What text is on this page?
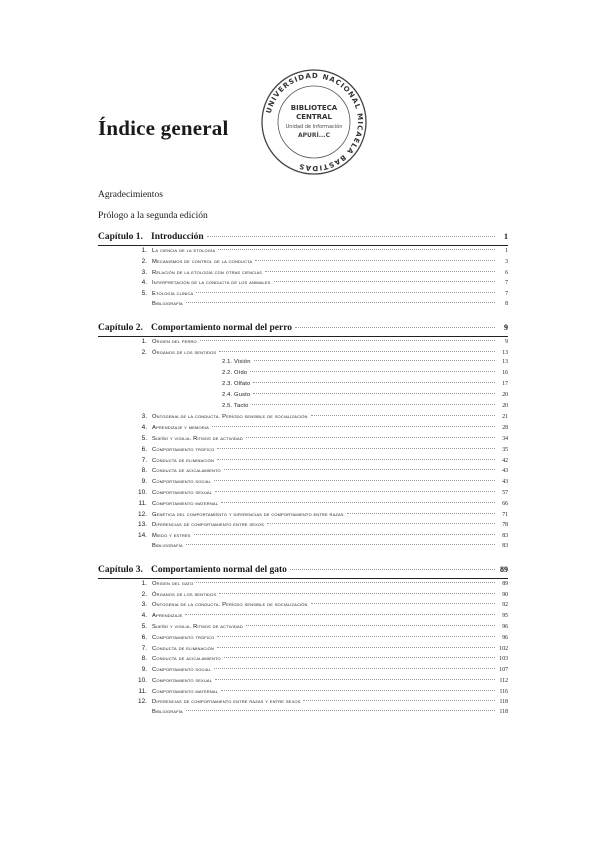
Índice general
UNIVERSIDAD NACIONAL MICAELA BASTIDAS
BIBLIOTECA
CENTRAL
Unidad de Información
APURÍ...C
Agradecimientos
Prólogo a la segunda edición
Capítulo 1. Introducción	1
1. La ciencia de la etología	1
2. Mecanismos de control de la conducta	3
3. Relación de la etología con otras ciencias	6
4. Interpretación de la conducta de los animales	7
5. Etología clínica	7
Bibliografía	8
Capítulo 2. Comportamiento normal del perro	9
1. Origen del perro	9
2. Órganos de los sentidos	13
2.1. Visión	13
2.2. Oído	16
2.3. Olfato	17
2.4. Gusto	20
2.5. Tacto	20
3. Ontogenia de la conducta. Período sensible de socialización	21
4. Aprendizaje y memoria	28
5. Sueño y vigilia. Ritmos de actividad	34
6. Comportamiento trófico	35
7. Conducta de eliminación	42
8. Conducta de acicalamiento	43
9. Comportamiento social	43
10. Comportamiento sexual	57
11. Comportamiento maternal	66
12. Genética del comportamiento y diferencias de comportamiento entre razas	71
13. Diferencias de comportamiento entre sexos	78
14. Miedo y estrés	83
Bibliografía	83
Capítulo 3. Comportamiento normal del gato	89
1. Origen del gato	89
2. Órganos de los sentidos	90
3. Ontogenia de la conducta. Período sensible de socialización	92
4. Aprendizaje	95
5. Sueño y vigilia. Ritmos de actividad	96
6. Comportamiento trófico	96
7. Conducta de eliminación	102
8. Conducta de acicalamiento	103
9. Comportamiento social	107
10. Comportamiento sexual	112
11. Comportamiento maternal	116
12. Diferencias de comportamiento entre razas y entre sexos	118
Bibliografía	118
